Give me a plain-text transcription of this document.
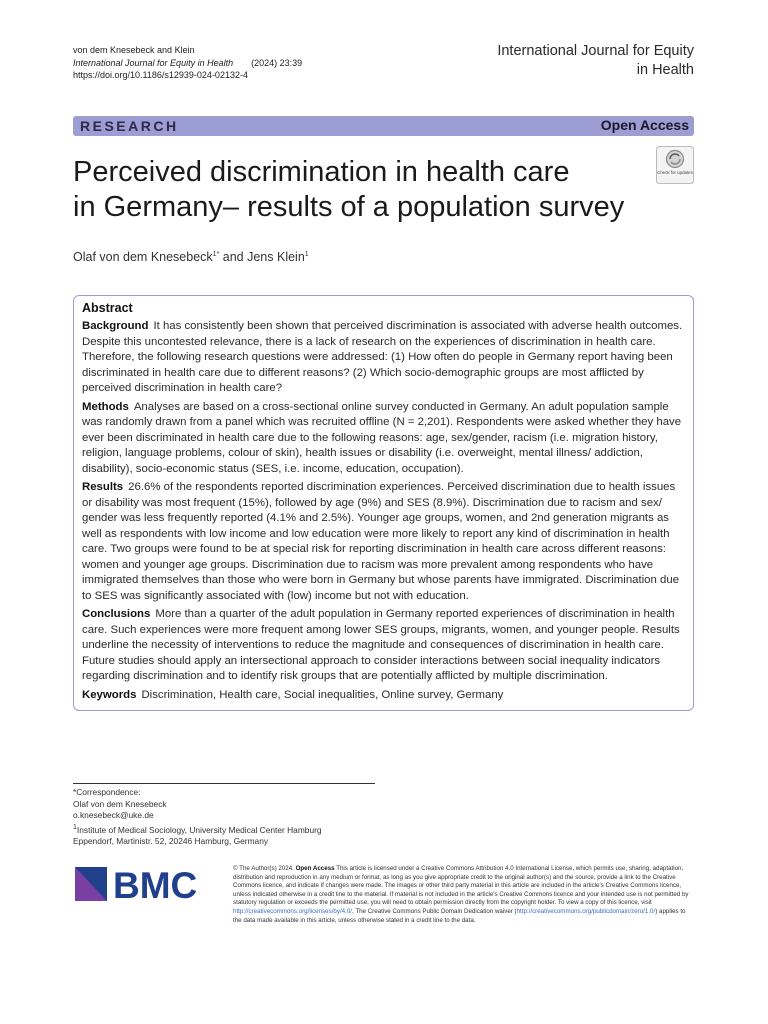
von dem Knesebeck and Klein
International Journal for Equity in Health (2024) 23:39
https://doi.org/10.1186/s12939-024-02132-4
International Journal for Equity
in Health
RESEARCH	Open Access
Perceived discrimination in health care
in Germany– results of a population survey
Check for updates
Olaf von dem Knesebeck$^{1*}$ and Jens Klein$^1$
Abstract

Background It has consistently been shown that perceived discrimination is associated with adverse health outcomes. Despite this uncontested relevance, there is a lack of research on the experiences of discrimination in health care. Therefore, the following research questions were addressed: (1) How often do people in Germany report having been discriminated in health care due to different reasons? (2) Which socio-demographic groups are most afflicted by perceived discrimination in health care?

Methods Analyses are based on a cross-sectional online survey conducted in Germany. An adult population sample was randomly drawn from a panel which was recruited offline (N = 2,201). Respondents were asked whether they have ever been discriminated in health care due to the following reasons: age, sex/gender, racism (i.e. migration history, religion, language problems, colour of skin), health issues or disability (i.e. overweight, mental illness/ addiction, disability), socio-economic status (SES, i.e. income, education, occupation).

Results 26.6% of the respondents reported discrimination experiences. Perceived discrimination due to health issues or disability was most frequent (15%), followed by age (9%) and SES (8.9%). Discrimination due to racism and sex/ gender was less frequently reported (4.1% and 2.5%). Younger age groups, women, and 2nd generation migrants as well as respondents with low income and low education were more likely to report any kind of discrimination in health care. Two groups were found to be at special risk for reporting discrimination in health care across different reasons: women and younger age groups. Discrimination due to racism was more prevalent among respondents who have immigrated themselves than those who were born in Germany but whose parents have immigrated. Discrimination due to SES was significantly associated with (low) income but not with education.

Conclusions More than a quarter of the adult population in Germany reported experiences of discrimination in health care. Such experiences were more frequent among lower SES groups, migrants, women, and younger people. Results underline the necessity of interventions to reduce the magnitude and consequences of discrimination in health care. Future studies should apply an intersectional approach to consider interactions between social inequality indicators regarding discrimination and to identify risk groups that are potentially afflicted by multiple discrimination.

Keywords Discrimination, Health care, Social inequalities, Online survey, Germany

*Correspondence:
Olaf von dem Knesebeck
o.knesebeck@uke.de
$^1$Institute of Medical Sociology, University Medical Center Hamburg
Eppendorf, Martinistr. 52, 20246 Hamburg, Germany
BMC	© The Author(s) 2024. Open Access This article is licensed under a Creative Commons Attribution 4.0 International License, which permits use, sharing, adaptation, distribution and reproduction in any medium or format, as long as you give appropriate credit to the original author(s) and the source, provide a link to the Creative Commons licence, and indicate if changes were made. The images or other third party material in this article are included in the article's Creative Commons licence, unless indicated otherwise in a credit line to the material. If material is not included in the article's Creative Commons licence and your intended use is not permitted by statutory regulation or exceeds the permitted use, you will need to obtain permission directly from the copyright holder. To view a copy of this licence, visit http://creativecommons.org/licenses/by/4.0/. The Creative Commons Public Domain Dedication waiver (http://creativecommons.org/publicdomain/zero/1.0/) applies to the data made available in this article, unless otherwise stated in a credit line to the data.
